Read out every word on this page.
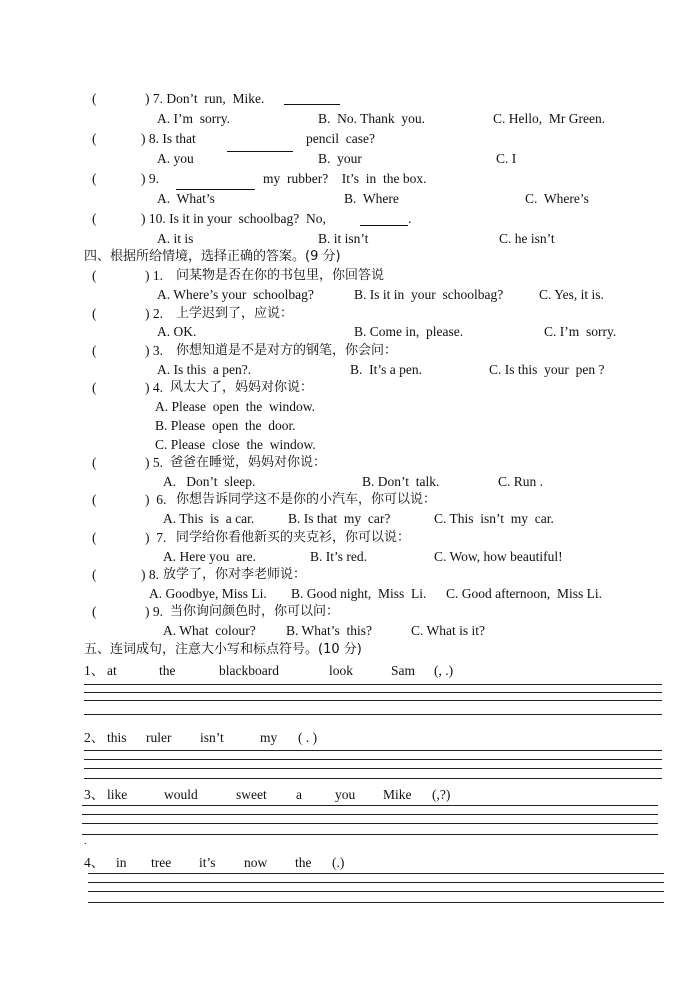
(	) 7. Don’t  run,  Mike.
A. I’m  sorry.	B.  No. Thank  you.	C. Hello,  Mr Green.
(	) 8. Is that	pencil  case?
A. you	B.  your	C. I
(	) 9.	my  rubber?    It’s  in  the box.
A.  What’s	B.  Where	C.  Where’s
(	) 10. Is it in your  schoolbag?  No,	.
A. it is	B. it isn’t	C. he isn’t
四、根据所给情境，选择正确的答案。(9 分)
(	) 1. 问某物是否在你的书包里，你回答说
A. Where’s your  schoolbag?	B. Is it in  your  schoolbag?	C. Yes, it is.
(	) 2. 上学迟到了，应说：
A. OK.	B. Come in,  please.	C. I’m  sorry.
(	) 3. 你想知道是不是对方的钢笔，你会问：
A. Is this  a pen?.	B.  It’s a pen.	C. Is this  your  pen ?
(	) 4. 风太大了，妈妈对你说：
A. Please  open  the  window.
B. Please  open  the  door.
C. Please  close  the  window.
(	) 5. 爸爸在睡觉，妈妈对你说：
A.   Don’t  sleep.	B. Don’t  talk.	C. Run .
(	)  6. 你想告诉同学这不是你的小汽车，你可以说：
A. This  is  a car.	B. Is that  my  car?	C. This  isn’t  my  car.
(	)  7. 同学给你看他新买的夹克衫，你可以说：
A. Here you  are.	B. It’s red.	C. Wow, how beautiful!
(	) 8. 放学了，你对李老师说：
A. Goodbye, Miss Li. B. Good night,  Miss  Li. C. Good afternoon,  Miss Li.
(	) 9. 当你询问颜色时，你可以问：
A. What  colour? B. What’s  this?	C. What is it?
五、连词成句，注意大小写和标点符号。(10 分)
1、 at	the	blackboard	look	Sam (, .)
2、 this ruler isn’t	my ( . )
3、 like	would	sweet a you Mike (,?)
.
4、 in tree it’s now the (.)
